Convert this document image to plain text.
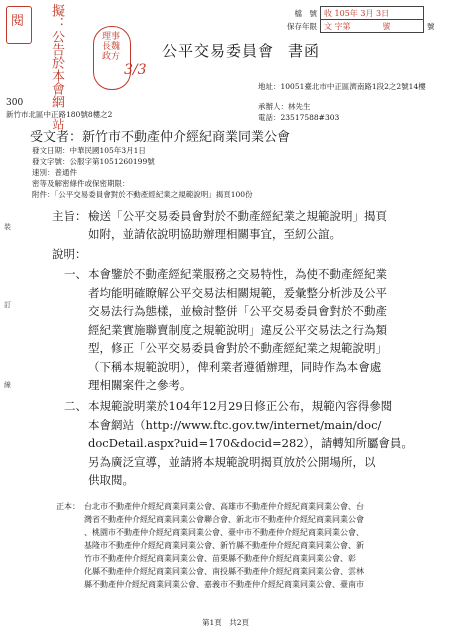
閱	擬：公告於本會網
站
理事長魏政方
3/3
檔　號	收 105年 3月 3日	
保存年限	文 字第　　　　號	號
公平交易委員會 書函
300
新竹市北區中正路180號8樓之2
地址：10051臺北市中正區濟南路1段2之2號14樓
承辦人：林先生
電話：23517588#303
受文者：新竹市不動產仲介經紀商業同業公會
發文日期：中華民國105年3月1日
發文字號：公服字第1051260199號
速別：普通件
密等及解密條件或保密期限：
附件：「公平交易委員會對於不動產經紀業之規範說明」揭頁100份
主旨： 檢送「公平交易委員會對於不動產經紀業之規範說明」揭頁
如附，並請依說明協助辦理相關事宜，至紉公誼。
說明：
一、 本會鑒於不動產經紀業服務之交易特性，為使不動產經紀業
者均能明確瞭解公平交易法相關規範，爰彙整分析涉及公平
交易法行為態樣，並檢討整併「公平交易委員會對於不動產
經紀業實施聯賣制度之規範說明」違反公平交易法之行為類
型，修正「公平交易委員會對於不動產經紀業之規範說明」
（下稱本規範說明），俾利業者遵循辦理，同時作為本會處
理相關案件之參考。
二、 本規範說明業於104年12月29日修正公布，規範內容得參閱
本會網站（http://www.ftc.gov.tw/internet/main/doc/
docDetail.aspx?uid=170&docid=282），請轉知所屬會員。
另為廣泛宣導，並請將本規範說明揭頁放於公開場所，以
供取閱。
正本： 台北市不動產仲介經紀商業同業公會、高雄市不動產仲介經紀商業同業公會、台
灣省不動產仲介經紀商業同業公會聯合會、新北市不動產仲介經紀商業同業公會
、桃園市不動產仲介經紀商業同業公會、臺中市不動產仲介經紀商業同業公會、
基隆市不動產仲介經紀商業同業公會、新竹縣不動產仲介經紀商業同業公會、新
竹市不動產仲介經紀商業同業公會、苗栗縣不動產仲介經紀商業同業公會、彰
化縣不動產仲介經紀商業同業公會、南投縣不動產仲介經紀商業同業公會、雲林
縣不動產仲介經紀商業同業公會、嘉義市不動產仲介經紀商業同業公會、臺南市
裝
訂
線
第1頁　共2頁
